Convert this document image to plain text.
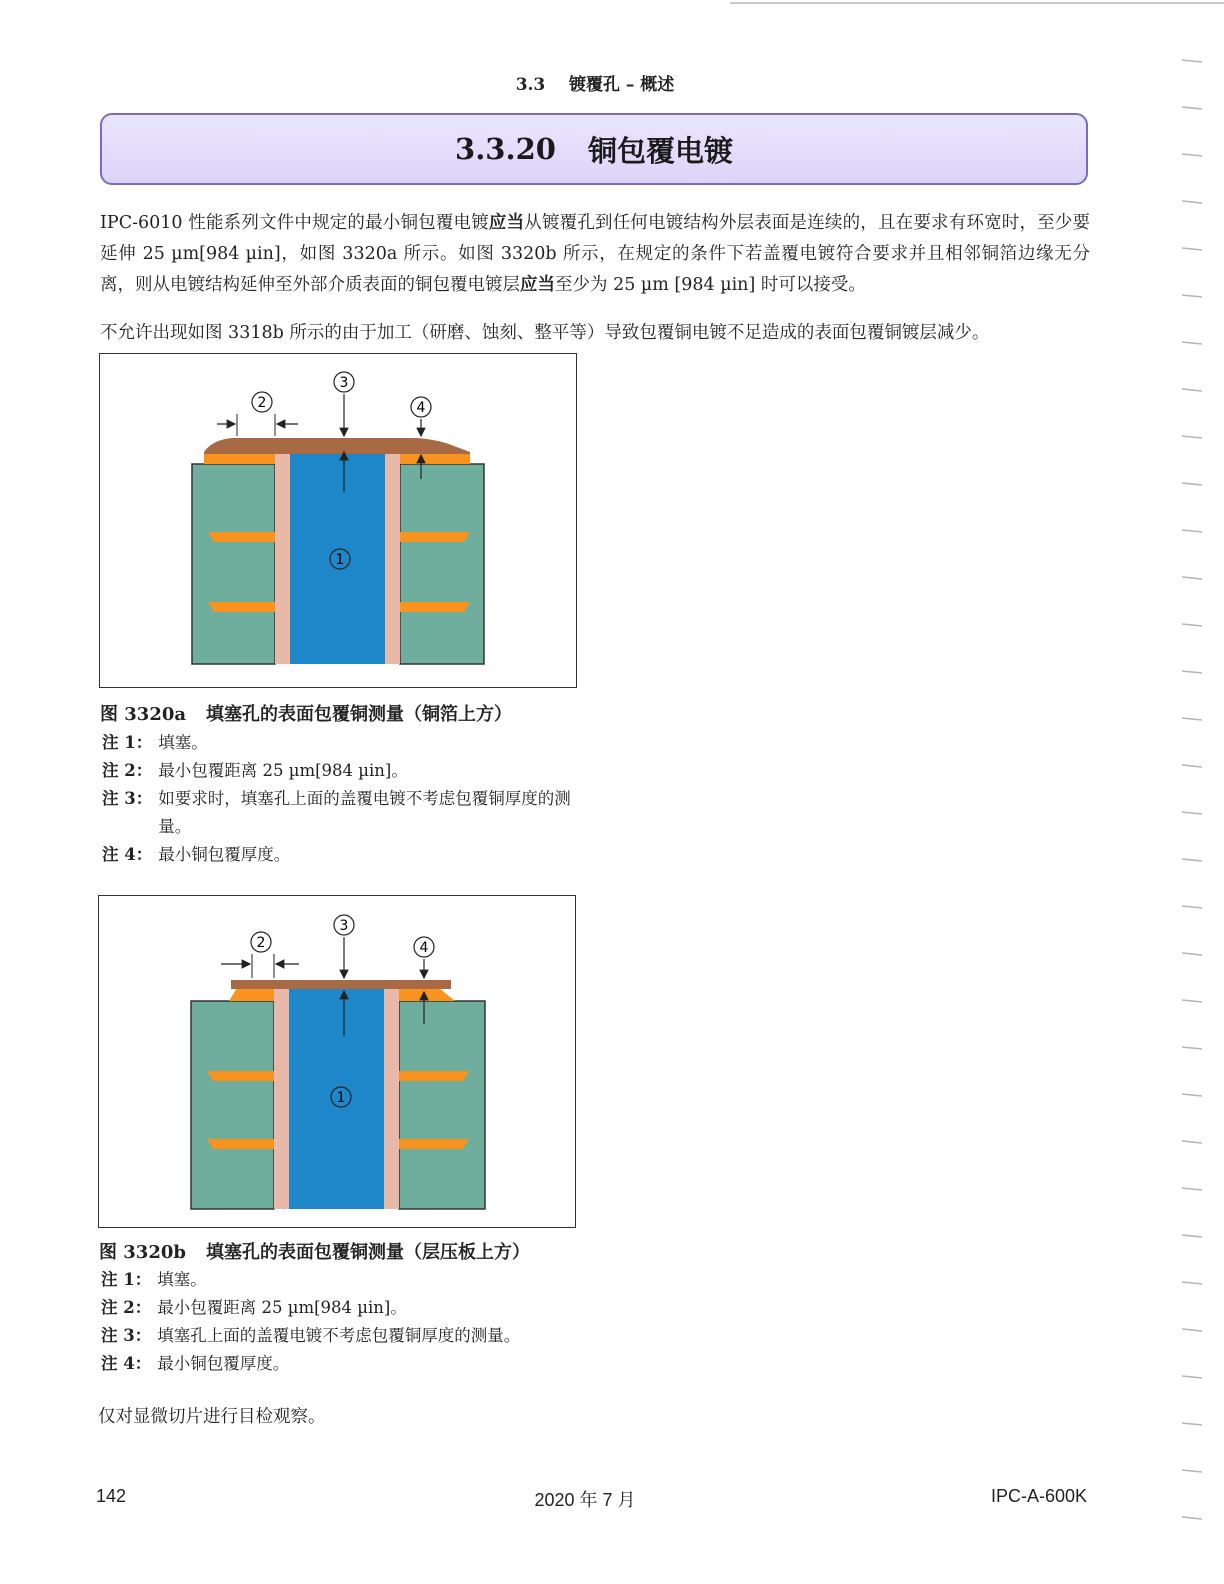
3.3 镀覆孔 – 概述
3.3.20 铜包覆电镀
IPC-6010 性能系列文件中规定的最小铜包覆电镀应当从镀覆孔到任何电镀结构外层表面是连续的，且在要求有环宽时，至少要延伸 25 µm[984 µin]，如图 3320a 所示。如图 3320b 所示，在规定的条件下若盖覆电镀符合要求并且相邻铜箔边缘无分离，则从电镀结构延伸至外部介质表面的铜包覆电镀层应当至少为 25 µm [984 µin] 时可以接受。
不允许出现如图 3318b 所示的由于加工（研磨、蚀刻、整平等）导致包覆铜电镀不足造成的表面包覆铜镀层减少。
3
2	4
1
图 3320a 填塞孔的表面包覆铜测量（铜箔上方）
注 1： 填塞。
注 2： 最小包覆距离 25 µm[984 µin]。
注 3： 如要求时，填塞孔上面的盖覆电镀不考虑包覆铜厚度的测量。
注 4： 最小铜包覆厚度。
3
2	4
1
图 3320b 填塞孔的表面包覆铜测量（层压板上方）
注 1： 填塞。
注 2： 最小包覆距离 25 µm[984 µin]。
注 3： 填塞孔上面的盖覆电镀不考虑包覆铜厚度的测量。
注 4： 最小铜包覆厚度。
仅对显微切片进行目检观察。
142	2020 年 7 月	IPC-A-600K
